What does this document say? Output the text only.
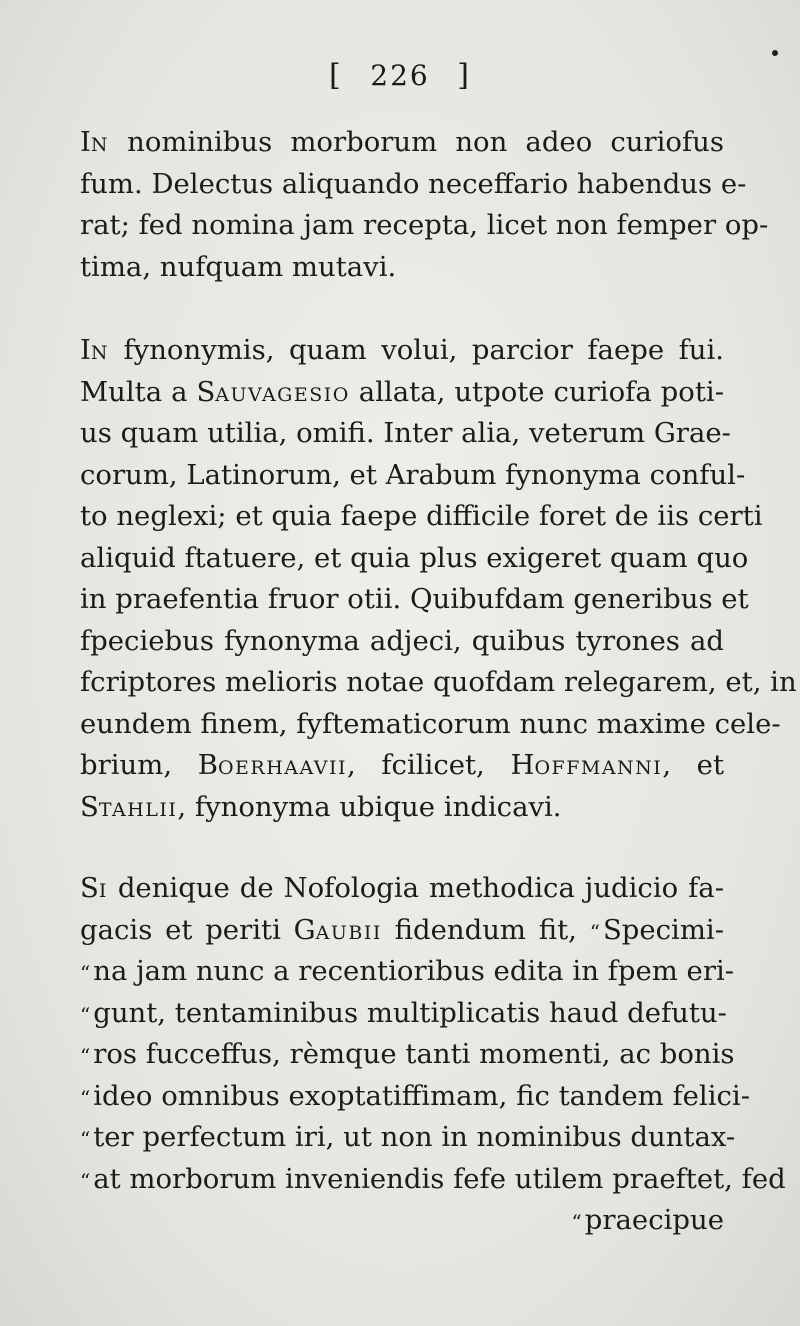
[ 226 ]
IN nominibus morborum non adeo curiofus
fum. Delectus aliquando neceffario habendus e-
rat; fed nomina jam recepta, licet non femper op-
tima, nufquam mutavi.
IN fynonymis, quam volui, parcior faepe fui.
Multa a SAUVAGESIO allata, utpote curiofa poti-
us quam utilia, omifi. Inter alia, veterum Grae-
corum, Latinorum, et Arabum fynonyma conful-
to neglexi; et quia faepe difficile foret de iis certi
aliquid ftatuere, et quia plus exigeret quam quo
in praefentia fruor otii. Quibufdam generibus et
fpeciebus fynonyma adjeci, quibus tyrones ad
fcriptores melioris notae quofdam relegarem, et, in
eundem finem, fyftematicorum nunc maxime cele-
brium, BOERHAAVII, fcilicet, HOFFMANNI, et
STAHLII, fynonyma ubique indicavi.
SI denique de Nofologia methodica judicio fa-
gacis et periti GAUBII fidendum fit, “ Specimi-
“ na jam nunc a recentioribus edita in fpem eri-
“ gunt, tentaminibus multiplicatis haud defutu-
“ ros fucceffus, rèmque tanti momenti, ac bonis
“ ideo omnibus exoptatiffimam, fic tandem felici-
“ ter perfectum iri, ut non in nominibus duntax-
“ at morborum inveniendis fefe utilem praeftet, fed
“ praecipue
